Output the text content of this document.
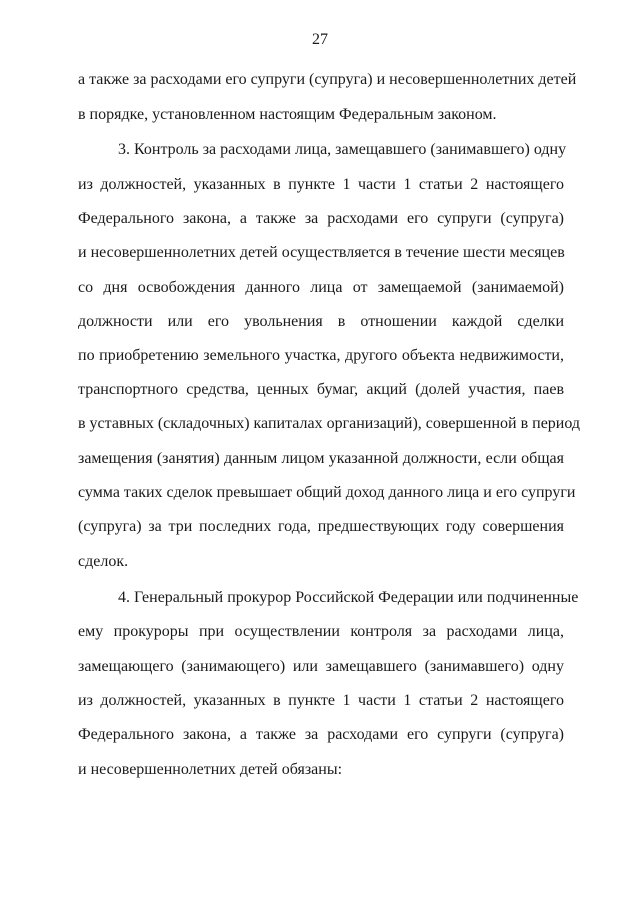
27
а также за расходами его супруги (супруга) и несовершеннолетних детей
в порядке, установленном настоящим Федеральным законом.
3. Контроль за расходами лица, замещавшего (занимавшего) одну
из должностей, указанных в пункте 1 части 1 статьи 2 настоящего
Федерального закона, а также за расходами его супруги (супруга)
и несовершеннолетних детей осуществляется в течение шести месяцев
со дня освобождения данного лица от замещаемой (занимаемой)
должности или его увольнения в отношении каждой сделки
по приобретению земельного участка, другого объекта недвижимости,
транспортного средства, ценных бумаг, акций (долей участия, паев
в уставных (складочных) капиталах организаций), совершенной в период
замещения (занятия) данным лицом указанной должности, если общая
сумма таких сделок превышает общий доход данного лица и его супруги
(супруга) за три последних года, предшествующих году совершения
сделок.
4. Генеральный прокурор Российской Федерации или подчиненные
ему прокуроры при осуществлении контроля за расходами лица,
замещающего (занимающего) или замещавшего (занимавшего) одну
из должностей, указанных в пункте 1 части 1 статьи 2 настоящего
Федерального закона, а также за расходами его супруги (супруга)
и несовершеннолетних детей обязаны:
